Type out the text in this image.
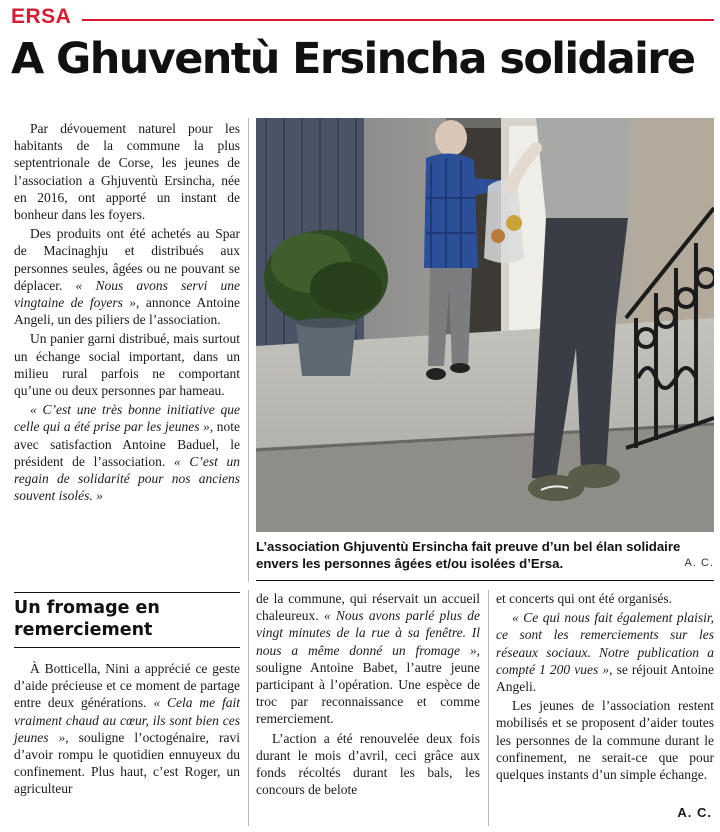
ERSA
A Ghuventù Ersincha solidaire

Par dévouement naturel pour les habitants de la commune la plus septentrionale de Corse, les jeunes de l’association a Ghjuventù Ersincha, née en 2016, ont apporté un instant de bonheur dans les foyers.

Des produits ont été achetés au Spar de Macinaghju et distribués aux personnes seules, âgées ou ne pouvant se déplacer. « Nous avons servi une vingtaine de foyers », annonce Antoine Angeli, un des piliers de l’association.

Un panier garni distribué, mais surtout un échange social important, dans un milieu rural parfois ne comportant qu’une ou deux personnes par hameau.

« C’est une très bonne initiative que celle qui a été prise par les jeunes », note avec satisfaction Antoine Baduel, le président de l’association. « C’est un regain de solidarité pour nos anciens souvent isolés. »

Un fromage en remerciement

À Botticella, Nini a apprécié ce geste d’aide précieuse et ce moment de partage entre deux générations. « Cela me fait vraiment chaud au cœur, ils sont bien ces jeunes », souligne l’octogénaire, ravi d’avoir rompu le quotidien ennuyeux du confinement. Plus haut, c’est Roger, un agriculteur

L’association Ghjuventù Ersincha fait preuve d’un bel élan solidaire envers les personnes âgées et/ou isolées d’Ersa.	A. C.

de la commune, qui réservait un accueil chaleureux. « Nous avons parlé plus de vingt minutes de la rue à sa fenêtre. Il nous a même donné un fromage », souligne Antoine Babet, l’autre jeune participant à l’opération. Une espèce de troc par reconnaissance et comme remerciement.

L’action a été renouvelée deux fois durant le mois d’avril, ceci grâce aux fonds récoltés durant les bals, les concours de belote

et concerts qui ont été organisés.

« Ce qui nous fait également plaisir, ce sont les remerciements sur les réseaux sociaux. Notre publication a compté 1 200 vues », se réjouit Antoine Angeli.

Les jeunes de l’association restent mobilisés et se proposent d’aider toutes les personnes de la commune durant le confinement, ne serait-ce que pour quelques instants d’un simple échange.

A. C.
